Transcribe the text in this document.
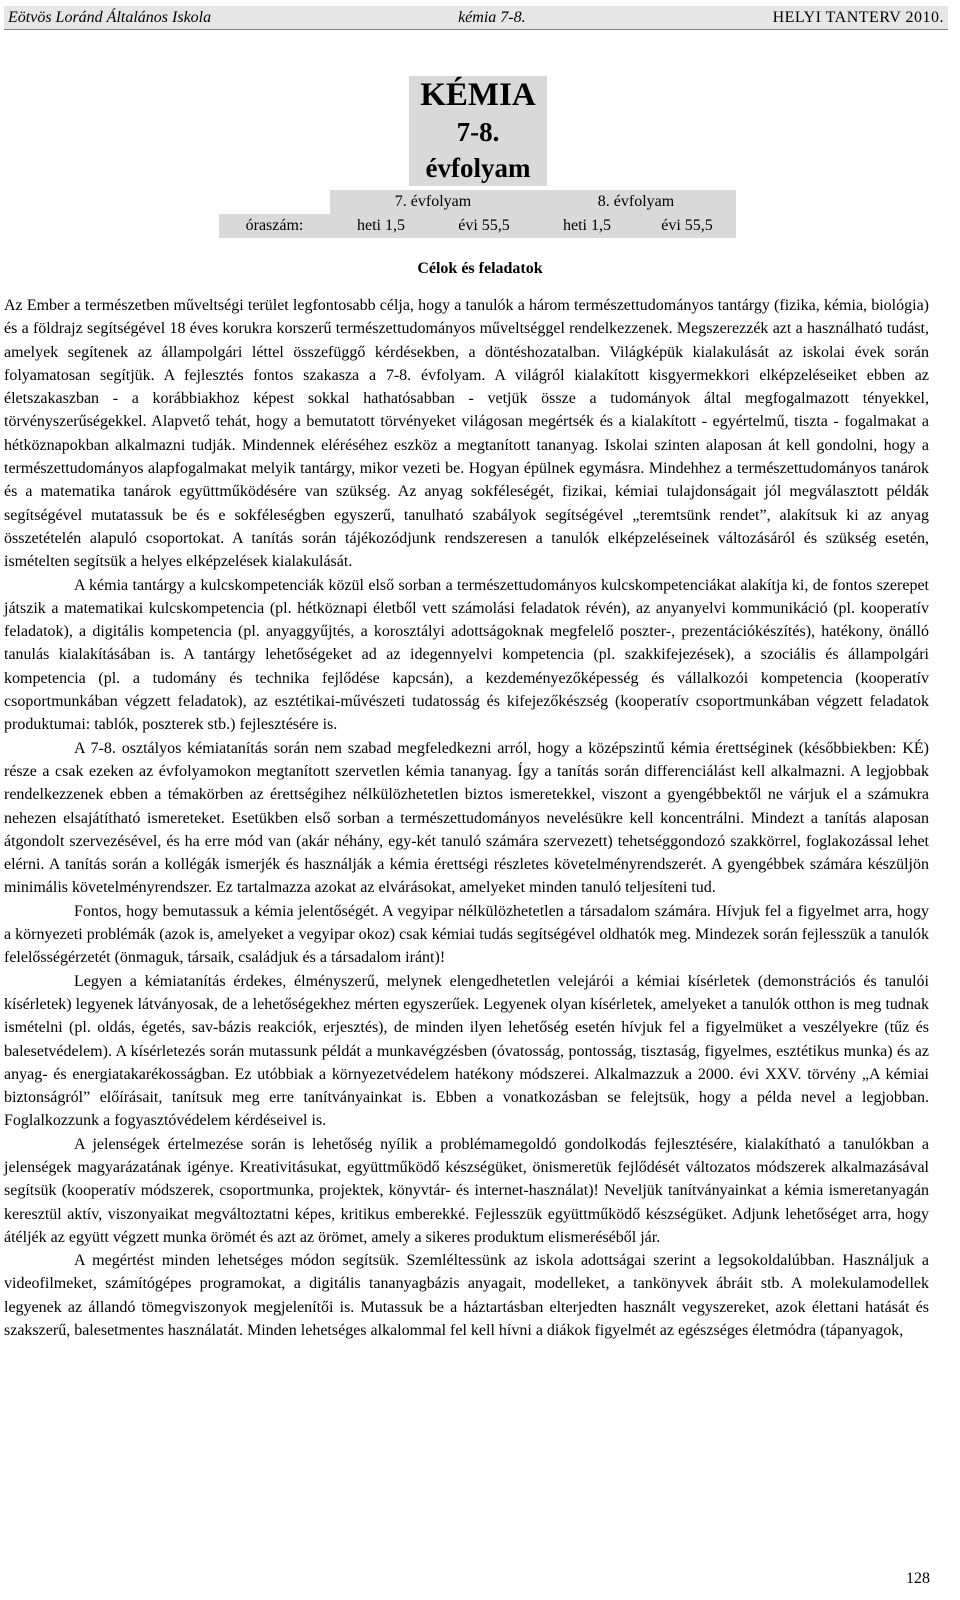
Eötvös Loránd Általános Iskola	kémia 7-8.	HELYI TANTERV 2010.
KÉMIA
7-8. évfolyam
	7. évfolyam		8. évfolyam	
óraszám:	heti 1,5	évi 55,5	heti 1,5	évi 55,5
Célok és feladatok

Az Ember a természetben műveltségi terület legfontosabb célja, hogy a tanulók a három természettudományos tantárgy (fizika, kémia, biológia) és a földrajz segítségével 18 éves korukra korszerű természettudományos műveltséggel rendelkezzenek. Megszerezzék azt a használható tudást, amelyek segítenek az állampolgári léttel összefüggő kérdésekben, a döntéshozatalban. Világképük kialakulását az iskolai évek során folyamatosan segítjük. A fejlesztés fontos szakasza a 7-8. évfolyam. A világról kialakított kisgyermekkori elképzeléseiket ebben az életszakaszban - a korábbiakhoz képest sokkal hathatósabban - vetjük össze a tudományok által megfogalmazott tényekkel, törvényszerűségekkel. Alapvető tehát, hogy a bemutatott törvényeket világosan megértsék és a kialakított - egyértelmű, tiszta - fogalmakat a hétköznapokban alkalmazni tudják. Mindennek eléréséhez eszköz a megtanított tananyag. Iskolai szinten alaposan át kell gondolni, hogy a természettudományos alapfogalmakat melyik tantárgy, mikor vezeti be. Hogyan épülnek egymásra. Mindehhez a természettudományos tanárok és a matematika tanárok együttműködésére van szükség. Az anyag sokféleségét, fizikai, kémiai tulajdonságait jól megválasztott példák segítségével mutatassuk be és e sokféleségben egyszerű, tanulható szabályok segítségével „teremtsünk rendet”, alakítsuk ki az anyag összetételén alapuló csoportokat. A tanítás során tájékozódjunk rendszeresen a tanulók elképzeléseinek változásáról és szükség esetén, ismételten segítsük a helyes elképzelések kialakulását.

A kémia tantárgy a kulcskompetenciák közül első sorban a természettudományos kulcskompetenciákat alakítja ki, de fontos szerepet játszik a matematikai kulcskompetencia (pl. hétköznapi életből vett számolási feladatok révén), az anyanyelvi kommunikáció (pl. kooperatív feladatok), a digitális kompetencia (pl. anyaggyűjtés, a korosztályi adottságoknak megfelelő poszter-, prezentációkészítés), hatékony, önálló tanulás kialakításában is. A tantárgy lehetőségeket ad az idegennyelvi kompetencia (pl. szakkifejezések), a szociális és állampolgári kompetencia (pl. a tudomány és technika fejlődése kapcsán), a kezdeményezőképesség és vállalkozói kompetencia (kooperatív csoportmunkában végzett feladatok), az esztétikai-művészeti tudatosság és kifejezőkészség (kooperatív csoportmunkában végzett feladatok produktumai: tablók, poszterek stb.) fejlesztésére is.

A 7-8. osztályos kémiatanítás során nem szabad megfeledkezni arról, hogy a középszintű kémia érettséginek (későbbiekben: KÉ) része a csak ezeken az évfolyamokon megtanított szervetlen kémia tananyag. Így a tanítás során differenciálást kell alkalmazni. A legjobbak rendelkezzenek ebben a témakörben az érettségihez nélkülözhetetlen biztos ismeretekkel, viszont a gyengébbektől ne várjuk el a számukra nehezen elsajátítható ismereteket. Esetükben első sorban a természettudományos nevelésükre kell koncentrálni. Mindezt a tanítás alaposan átgondolt szervezésével, és ha erre mód van (akár néhány, egy-két tanuló számára szervezett) tehetséggondozó szakkörrel, foglakozással lehet elérni. A tanítás során a kollégák ismerjék és használják a kémia érettségi részletes követelményrendszerét. A gyengébbek számára készüljön minimális követelményrendszer. Ez tartalmazza azokat az elvárásokat, amelyeket minden tanuló teljesíteni tud.

Fontos, hogy bemutassuk a kémia jelentőségét. A vegyipar nélkülözhetetlen a társadalom számára. Hívjuk fel a figyelmet arra, hogy a környezeti problémák (azok is, amelyeket a vegyipar okoz) csak kémiai tudás segítségével oldhatók meg. Mindezek során fejlesszük a tanulók felelősségérzetét (önmaguk, társaik, családjuk és a társadalom iránt)!

Legyen a kémiatanítás érdekes, élményszerű, melynek elengedhetetlen velejárói a kémiai kísérletek (demonstrációs és tanulói kísérletek) legyenek látványosak, de a lehetőségekhez mérten egyszerűek. Legyenek olyan kísérletek, amelyeket a tanulók otthon is meg tudnak ismételni (pl. oldás, égetés, sav-bázis reakciók, erjesztés), de minden ilyen lehetőség esetén hívjuk fel a figyelmüket a veszélyekre (tűz és balesetvédelem). A kísérletezés során mutassunk példát a munkavégzésben (óvatosság, pontosság, tisztaság, figyelmes, esztétikus munka) és az anyag- és energiatakarékosságban. Ez utóbbiak a környezetvédelem hatékony módszerei. Alkalmazzuk a 2000. évi XXV. törvény „A kémiai biztonságról” előírásait, tanítsuk meg erre tanítványainkat is. Ebben a vonatkozásban se felejtsük, hogy a példa nevel a legjobban. Foglalkozzunk a fogyasztóvédelem kérdéseivel is.

A jelenségek értelmezése során is lehetőség nyílik a problémamegoldó gondolkodás fejlesztésére, kialakítható a tanulókban a jelenségek magyarázatának igénye. Kreativitásukat, együttműködő készségüket, önismeretük fejlődését változatos módszerek alkalmazásával segítsük (kooperatív módszerek, csoportmunka, projektek, könyvtár- és internet-használat)! Neveljük tanítványainkat a kémia ismeretanyagán keresztül aktív, viszonyaikat megváltoztatni képes, kritikus emberekké. Fejlesszük együttműködő készségüket. Adjunk lehetőséget arra, hogy átéljék az együtt végzett munka örömét és azt az örömet, amely a sikeres produktum elismeréséből jár.

A megértést minden lehetséges módon segítsük. Szemléltessünk az iskola adottságai szerint a legsokoldalúbban. Használjuk a videofilmeket, számítógépes programokat, a digitális tananyagbázis anyagait, modelleket, a tankönyvek ábráit stb. A molekulamodellek legyenek az állandó tömegviszonyok megjelenítői is. Mutassuk be a háztartásban elterjedten használt vegyszereket, azok élettani hatását és szakszerű, balesetmentes használatát. Minden lehetséges alkalommal fel kell hívni a diákok figyelmét az egészséges életmódra (tápanyagok,

128
